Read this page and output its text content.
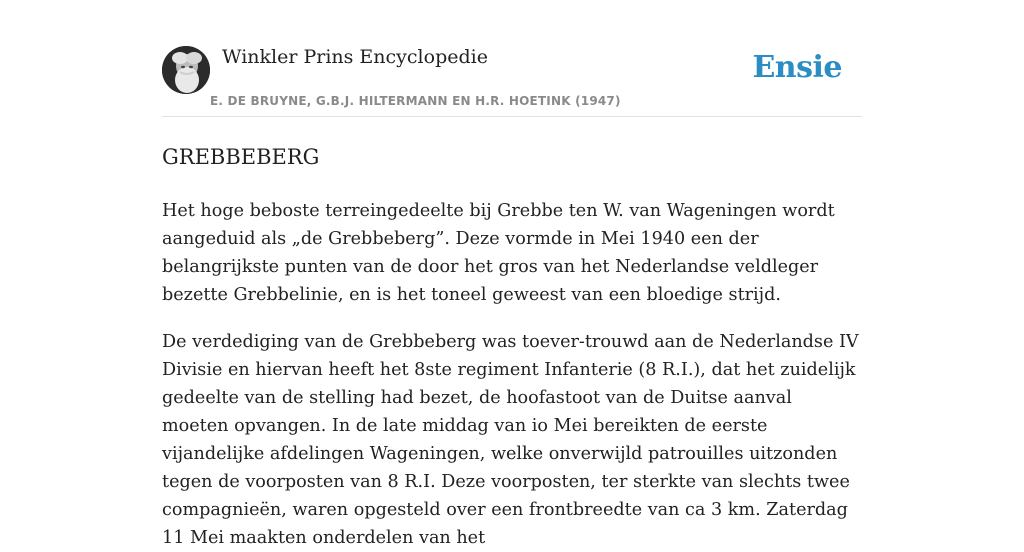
Winkler Prins Encyclopedie
E. DE BRUYNE, G.B.J. HILTERMANN EN H.R. HOETINK (1947)
Ensie
GREBBEBERG

Het hoge beboste terreingedeelte bij Grebbe ten W. van Wageningen wordt aangeduid als „de Grebbeberg”. Deze vormde in Mei 1940 een der belangrijkste punten van de door het gros van het Nederlandse veldleger bezette Grebbelinie, en is het toneel geweest van een bloedige strijd.

De verdediging van de Grebbeberg was toever-trouwd aan de Nederlandse IV Divisie en hiervan heeft het 8ste regiment Infanterie (8 R.I.), dat het zuidelijk gedeelte van de stelling had bezet, de hoofastoot van de Duitse aanval moeten opvangen. In de late middag van io Mei bereikten de eerste vijandelijke afdelingen Wageningen, welke onverwijld patrouilles uitzonden tegen de voorposten van 8 R.I. Deze voorposten, ter sterkte van slechts twee compagnieën, waren opgesteld over een frontbreedte van ca 3 km. Zaterdag 11 Mei maakten onderdelen van het
